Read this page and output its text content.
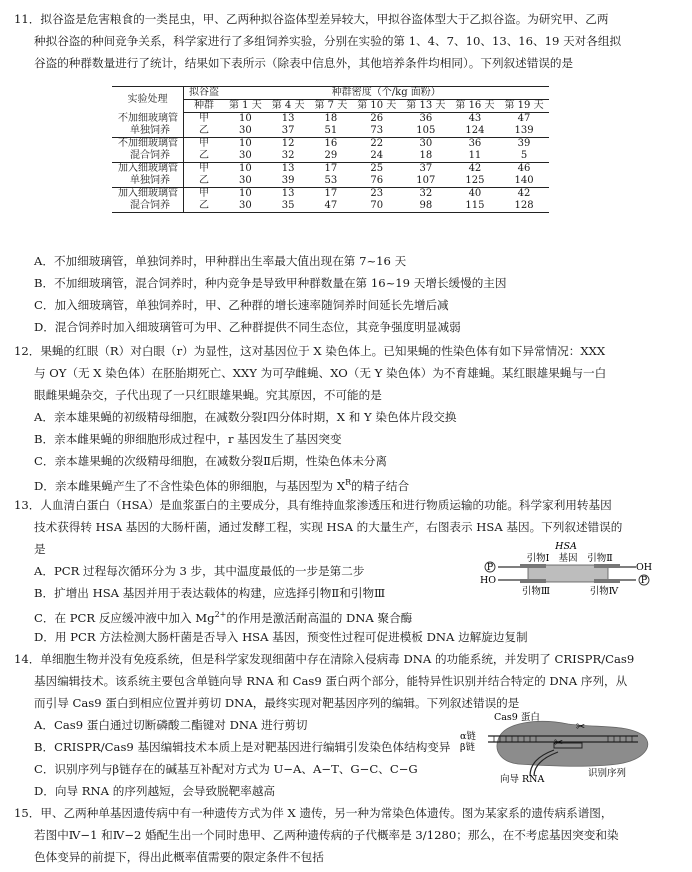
11．拟谷盗是危害粮食的一类昆虫，甲、乙两种拟谷盗体型差异较大，甲拟谷盗体型大于乙拟谷盗。为研究甲、乙两
种拟谷盗的种间竞争关系，科学家进行了多组饲养实验，分别在实验的第 1、4、7、10、13、16、19 天对各组拟
谷盗的种群数量进行了统计，结果如下表所示（除表中信息外，其他培养条件均相同）。下列叙述错误的是
实验处理	拟谷盗	种群密度（个/kg 面粉）						
	种群	第 1 天	第 4 天	第 7 天	第 10 天	第 13 天	第 16 天	第 19 天
不加细玻璃管	甲	10	13	18	26	36	43	47
单独饲养	乙	30	37	51	73	105	124	139
不加细玻璃管	甲	10	12	16	22	30	36	39
混合饲养	乙	30	32	29	24	18	11	5
加入细玻璃管	甲	10	13	17	25	37	42	46
单独饲养	乙	30	39	53	76	107	125	140
加入细玻璃管	甲	10	13	17	23	32	40	42
混合饲养	乙	30	35	47	70	98	115	128
A．不加细玻璃管，单独饲养时，甲种群出生率最大值出现在第 7~16 天
B．不加细玻璃管，混合饲养时，种内竞争是导致甲种群数量在第 16~19 天增长缓慢的主因
C．加入细玻璃管，单独饲养时，甲、乙种群的增长速率随饲养时间延长先增后减
D．混合饲养时加入细玻璃管可为甲、乙种群提供不同生态位，其竞争强度明显减弱
12．果蝇的红眼（R）对白眼（r）为显性，这对基因位于 X 染色体上。已知果蝇的性染色体有如下异常情况：XXX
与 OY（无 X 染色体）在胚胎期死亡、XXY 为可孕雌蝇、XO（无 Y 染色体）为不育雄蝇。某红眼雄果蝇与一白
眼雌果蝇杂交，子代出现了一只红眼雄果蝇。究其原因，不可能的是
A．亲本雄果蝇的初级精母细胞，在减数分裂Ⅰ四分体时期，X 和 Y 染色体片段交换
B．亲本雌果蝇的卵细胞形成过程中，r 基因发生了基因突变
C．亲本雄果蝇的次级精母细胞，在减数分裂Ⅱ后期，性染色体未分离
D．亲本雌果蝇产生了不含性染色体的卵细胞，与基因型为 $X^R$的精子结合
13．人血清白蛋白（HSA）是血浆蛋白的主要成分，具有维持血浆渗透压和进行物质运输的功能。科学家利用转基因
技术获得转 HSA 基因的大肠杆菌，通过发酵工程，实现 HSA 的大量生产，右图表示 HSA 基因。下列叙述错误的
是
A．PCR 过程每次循环分为 3 步，其中温度最低的一步是第二步
B．扩增出 HSA 基因并用于表达载体的构建，应选择引物Ⅱ和引物Ⅲ
C．在 PCR 反应缓冲液中加入 $Mg^{2+}$的作用是激活耐高温的 DNA 聚合酶
D．用 PCR 方法检测大肠杆菌是否导入 HSA 基因，预变性过程可促进模板 DNA 边解旋边复制
HSA
引物Ⅰ 基因 引物Ⅱ
引物Ⅲ	引物Ⅳ
P
HO
OH
P
14．单细胞生物并没有免疫系统，但是科学家发现细菌中存在清除入侵病毒 DNA 的功能系统，并发明了 CRISPR/Cas9
基因编辑技术。该系统主要包含单链向导 RNA 和 Cas9 蛋白两个部分，能特异性识别并结合特定的 DNA 序列，从
而引导 Cas9 蛋白到相应位置并剪切 DNA，最终实现对靶基因序列的编辑。下列叙述错误的是
A．Cas9 蛋白通过切断磷酸二酯键对 DNA 进行剪切
B．CRISPR/Cas9 基因编辑技术本质上是对靶基因进行编辑引发染色体结构变异
C．识别序列与β链存在的碱基互补配对方式为 U−A、A−T、G−C、C−G
D．向导 RNA 的序列越短，会导致脱靶率越高
✂
✂
Cas9 蛋白
α链
β链
向导 RNA
识别序列
15．甲、乙两种单基因遗传病中有一种遗传方式为伴 X 遗传，另一种为常染色体遗传。图为某家系的遗传病系谱图，
若图中Ⅳ−1 和Ⅳ−2 婚配生出一个同时患甲、乙两种遗传病的子代概率是 3/1280；那么，在不考虑基因突变和染
色体变异的前提下，得出此概率值需要的限定条件不包括
